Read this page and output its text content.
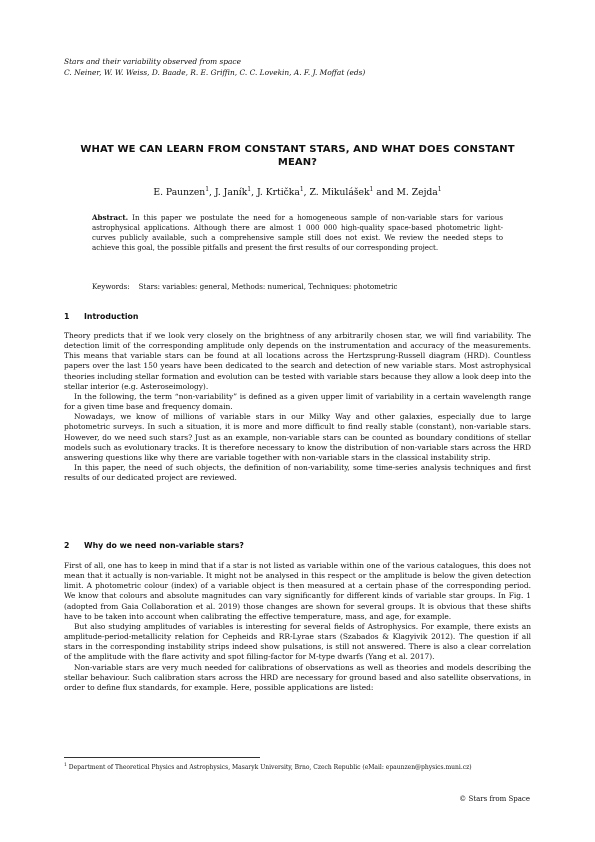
Stars and their variability observed from space
C. Neiner, W. W. Weiss, D. Baade, R. E. Griffin, C. C. Lovekin, A. F. J. Moffat (eds)
WHAT WE CAN LEARN FROM CONSTANT STARS, AND WHAT DOES CONSTANT MEAN?
E. Paunzen$^1$, J. Janík$^1$, J. Krtička$^1$, Z. Mikulášek$^1$ and M. Zejda$^1$
Abstract. In this paper we postulate the need for a homogeneous sample of non-variable stars for various astrophysical applications. Although there are almost 1 000 000 high-quality space-based photometric light-curves publicly available, such a comprehensive sample still does not exist. We review the needed steps to achieve this goal, the possible pitfalls and present the first results of our corresponding project.
Keywords:    Stars: variables: general, Methods: numerical, Techniques: photometric
1 Introduction

Theory predicts that if we look very closely on the brightness of any arbitrarily chosen star, we will find variability. The detection limit of the corresponding amplitude only depends on the instrumentation and accuracy of the measurements. This means that variable stars can be found at all locations across the Hertzsprung-Russell diagram (HRD). Countless papers over the last 150 years have been dedicated to the search and detection of new variable stars. Most astrophysical theories including stellar formation and evolution can be tested with variable stars because they allow a look deep into the stellar interior (e.g. Asteroseimology).

In the following, the term “non-variability” is defined as a given upper limit of variability in a certain wavelength range for a given time base and frequency domain.

Nowadays, we know of millions of variable stars in our Milky Way and other galaxies, especially due to large photometric surveys. In such a situation, it is more and more difficult to find really stable (constant), non-variable stars. However, do we need such stars? Just as an example, non-variable stars can be counted as boundary conditions of stellar models such as evolutionary tracks. It is therefore necessary to know the distribution of non-variable stars across the HRD answering questions like why there are variable together with non-variable stars in the classical instability strip.

In this paper, the need of such objects, the definition of non-variability, some time-series analysis techniques and first results of our dedicated project are reviewed.

2 Why do we need non-variable stars?

First of all, one has to keep in mind that if a star is not listed as variable within one of the various catalogues, this does not mean that it actually is non-variable. It might not be analysed in this respect or the amplitude is below the given detection limit. A photometric colour (index) of a variable object is then measured at a certain phase of the corresponding period. We know that colours and absolute magnitudes can vary significantly for different kinds of variable star groups. In Fig. 1 (adopted from Gaia Collaboration et al. 2019) those changes are shown for several groups. It is obvious that these shifts have to be taken into account when calibrating the effective temperature, mass, and age, for example.

But also studying amplitudes of variables is interesting for several fields of Astrophysics. For example, there exists an amplitude-period-metallicity relation for Cepheids and RR-Lyrae stars (Szabados & Klagyivik 2012). The question if all stars in the corresponding instability strips indeed show pulsations, is still not answered. There is also a clear correlation of the amplitude with the flare activity and spot filling-factor for M-type dwarfs (Yang et al. 2017).

Non-variable stars are very much needed for calibrations of observations as well as theories and models describing the stellar behaviour. Such calibration stars across the HRD are necessary for ground based and also satellite observations, in order to define flux standards, for example. Here, possible applications are listed:

$^1$ Department of Theoretical Physics and Astrophysics, Masaryk University, Brno, Czech Republic (eMail: epaunzen@physics.muni.cz)
© Stars from Space
